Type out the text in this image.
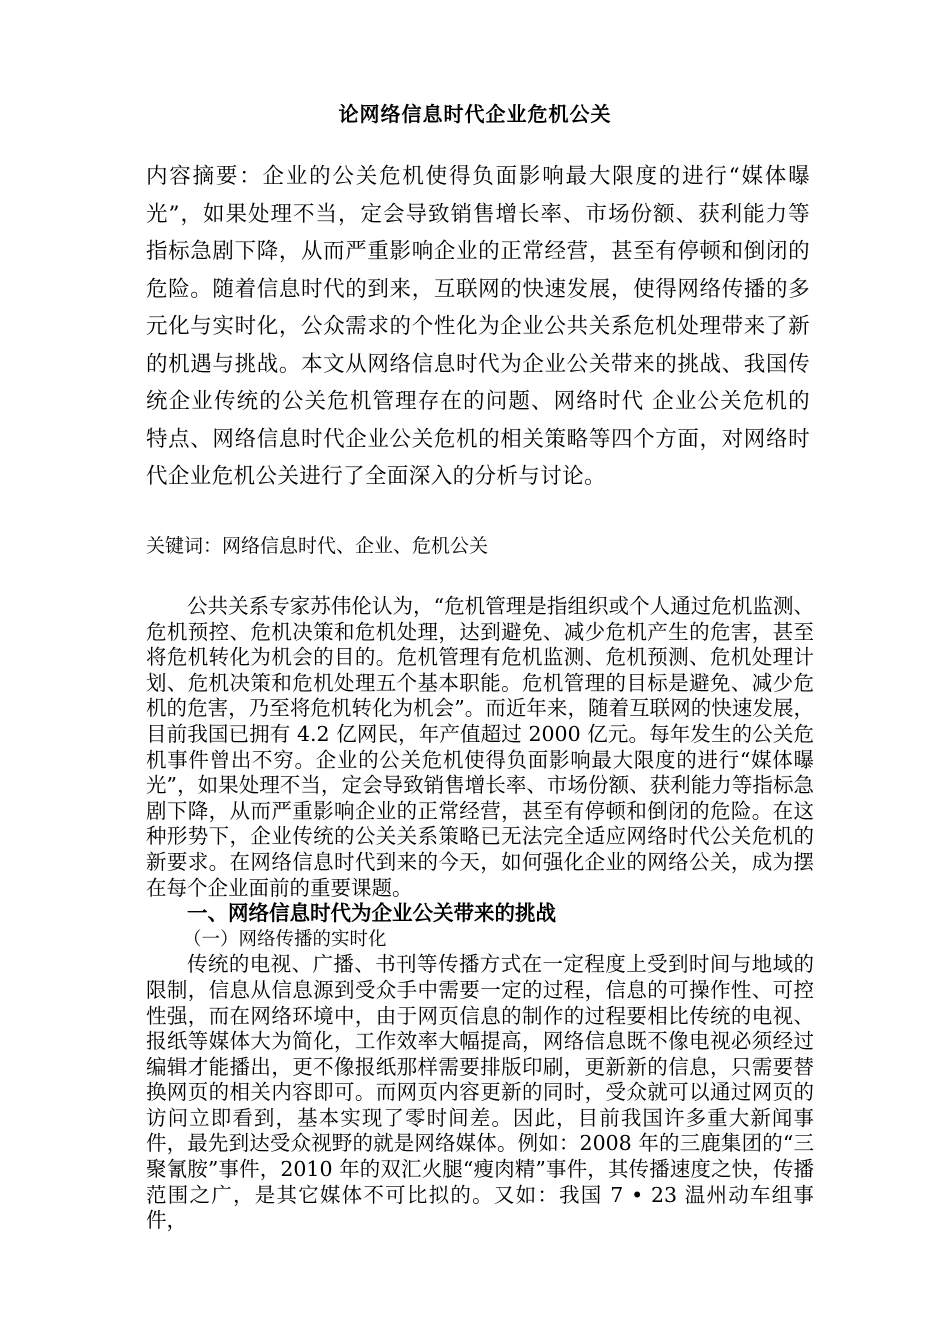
论网络信息时代企业危机公关
内容摘要：企业的公关危机使得负面影响最大限度的进行“媒体曝光”，如果处理不当，定会导致销售增长率、市场份额、获利能力等指标急剧下降，从而严重影响企业的正常经营，甚至有停顿和倒闭的危险。随着信息时代的到来，互联网的快速发展，使得网络传播的多元化与实时化，公众需求的个性化为企业公共关系危机处理带来了新的机遇与挑战。本文从网络信息时代为企业公关带来的挑战、我国传统企业传统的公关危机管理存在的问题、网络时代 企业公关危机的特点、网络信息时代企业公关危机的相关策略等四个方面，对网络时代企业危机公关进行了全面深入的分析与讨论。
关键词：网络信息时代、企业、危机公关

公共关系专家苏伟伦认为，“危机管理是指组织或个人通过危机监测、危机预控、危机决策和危机处理，达到避免、减少危机产生的危害，甚至将危机转化为机会的目的。危机管理有危机监测、危机预测、危机处理计划、危机决策和危机处理五个基本职能。危机管理的目标是避免、减少危机的危害，乃至将危机转化为机会”。而近年来，随着互联网的快速发展，目前我国已拥有 4.2 亿网民，年产值超过 2000 亿元。每年发生的公关危机事件曾出不穷。企业的公关危机使得负面影响最大限度的进行“媒体曝光”，如果处理不当，定会导致销售增长率、市场份额、获利能力等指标急剧下降，从而严重影响企业的正常经营，甚至有停顿和倒闭的危险。在这种形势下，企业传统的公关关系策略已无法完全适应网络时代公关危机的新要求。在网络信息时代到来的今天，如何强化企业的网络公关，成为摆在每个企业面前的重要课题。

一、网络信息时代为企业公关带来的挑战

（一）网络传播的实时化

传统的电视、广播、书刊等传播方式在一定程度上受到时间与地域的限制，信息从信息源到受众手中需要一定的过程，信息的可操作性、可控性强，而在网络环境中，由于网页信息的制作的过程要相比传统的电视、报纸等媒体大为简化，工作效率大幅提高，网络信息既不像电视必须经过编辑才能播出，更不像报纸那样需要排版印刷，更新新的信息，只需要替换网页的相关内容即可。而网页内容更新的同时，受众就可以通过网页的访问立即看到，基本实现了零时间差。因此，目前我国许多重大新闻事件，最先到达受众视野的就是网络媒体。例如：2008 年的三鹿集团的“三聚氰胺”事件，2010 年的双汇火腿“瘦肉精”事件，其传播速度之快，传播范围之广，是其它媒体不可比拟的。又如：我国 7 • 23 温州动车组事件，
